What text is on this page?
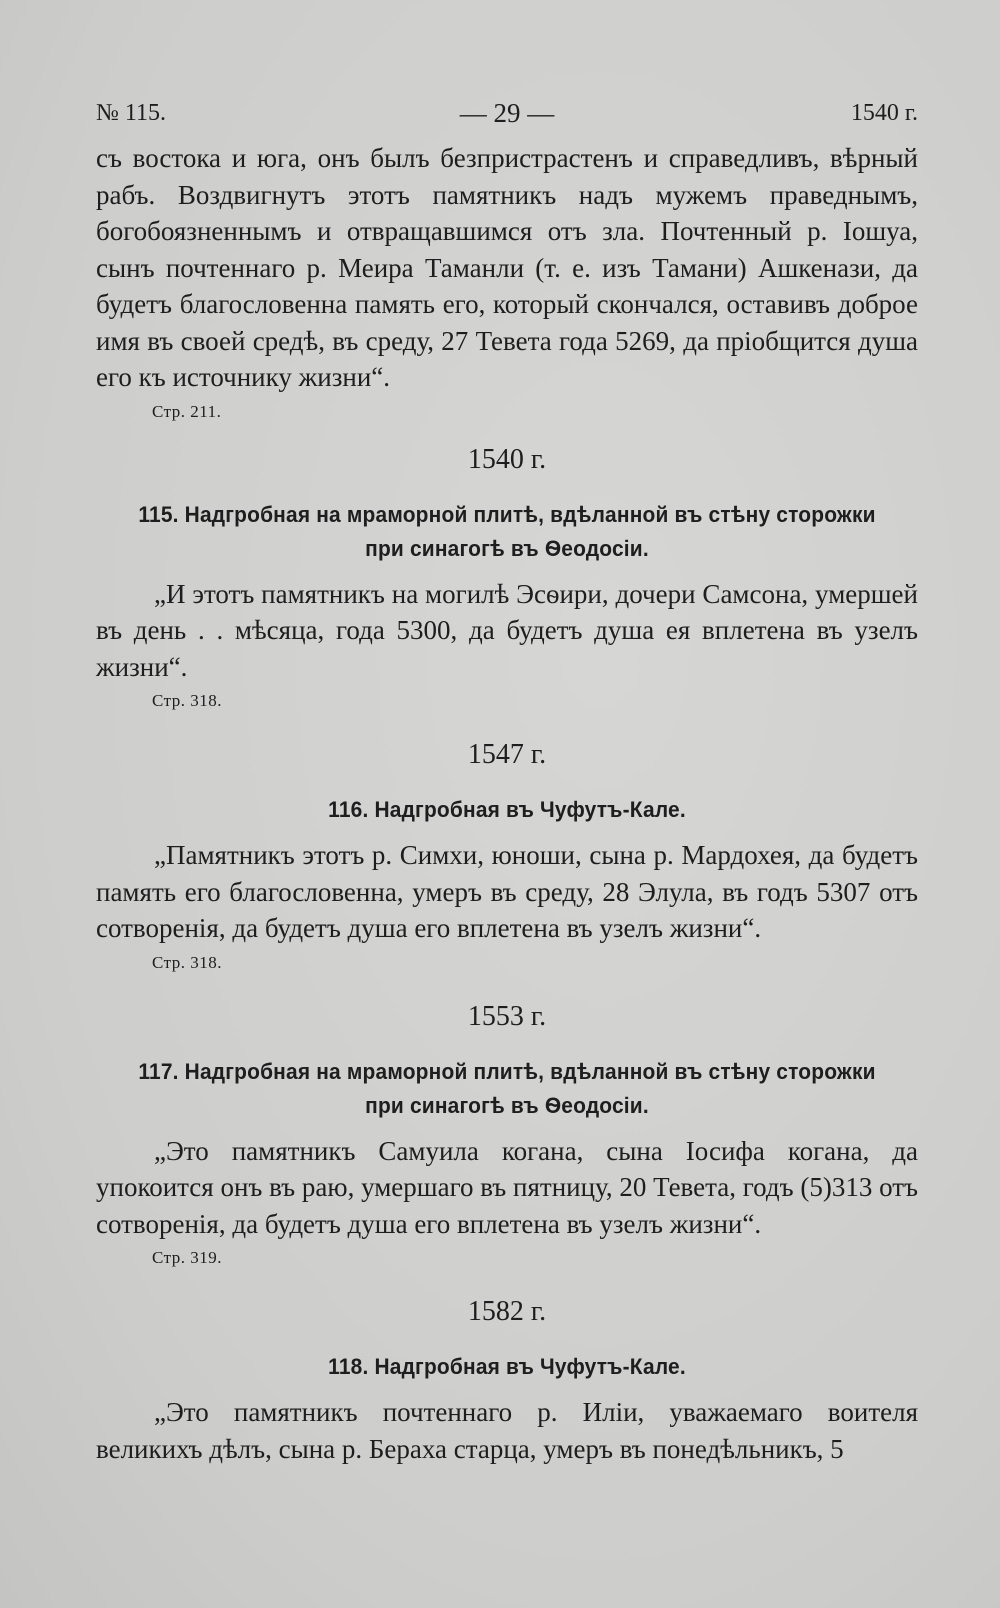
№ 115.	— 29 —	1540 г.

съ востока и юга, онъ былъ безпристрастенъ и справедливъ, вѣрный рабъ. Воздвигнутъ этотъ памятникъ надъ мужемъ праведнымъ, богобоязненнымъ и отвращавшимся отъ зла. Почтенный р. Іошуа, сынъ почтеннаго р. Меира Таманли (т. е. изъ Тамани) Ашкенази, да будетъ благословенна память его, который скончался, оставивъ доброе имя въ своей средѣ, въ среду, 27 Тевета года 5269, да пріобщится душа его къ источнику жизни“.

Стр. 211.
1540 г.
115. Надгробная на мраморной плитѣ, вдѣланной въ стѣну сторожки при синагогѣ въ Ѳеодосіи.

„И этотъ памятникъ на могилѣ Эсѳири, дочери Самсона, умершей въ день . . мѣсяца, года 5300, да будетъ душа ея вплетена въ узелъ жизни“.

Стр. 318.
1547 г.
116. Надгробная въ Чуфутъ-Кале.

„Памятникъ этотъ р. Симхи, юноши, сына р. Мардохея, да будетъ память его благословенна, умеръ въ среду, 28 Элула, въ годъ 5307 отъ сотворенія, да будетъ душа его вплетена въ узелъ жизни“.

Стр. 318.
1553 г.
117. Надгробная на мраморной плитѣ, вдѣланной въ стѣну сторожки при синагогѣ въ Ѳеодосіи.

„Это памятникъ Самуила когана, сына Іосифа когана, да упокоится онъ въ раю, умершаго въ пятницу, 20 Тевета, годъ (5)313 отъ сотворенія, да будетъ душа его вплетена въ узелъ жизни“.

Стр. 319.
1582 г.
118. Надгробная въ Чуфутъ-Кале.

„Это памятникъ почтеннаго р. Иліи, уважаемаго воителя великихъ дѣлъ, сына р. Бераха старца, умеръ въ понедѣльникъ, 5
